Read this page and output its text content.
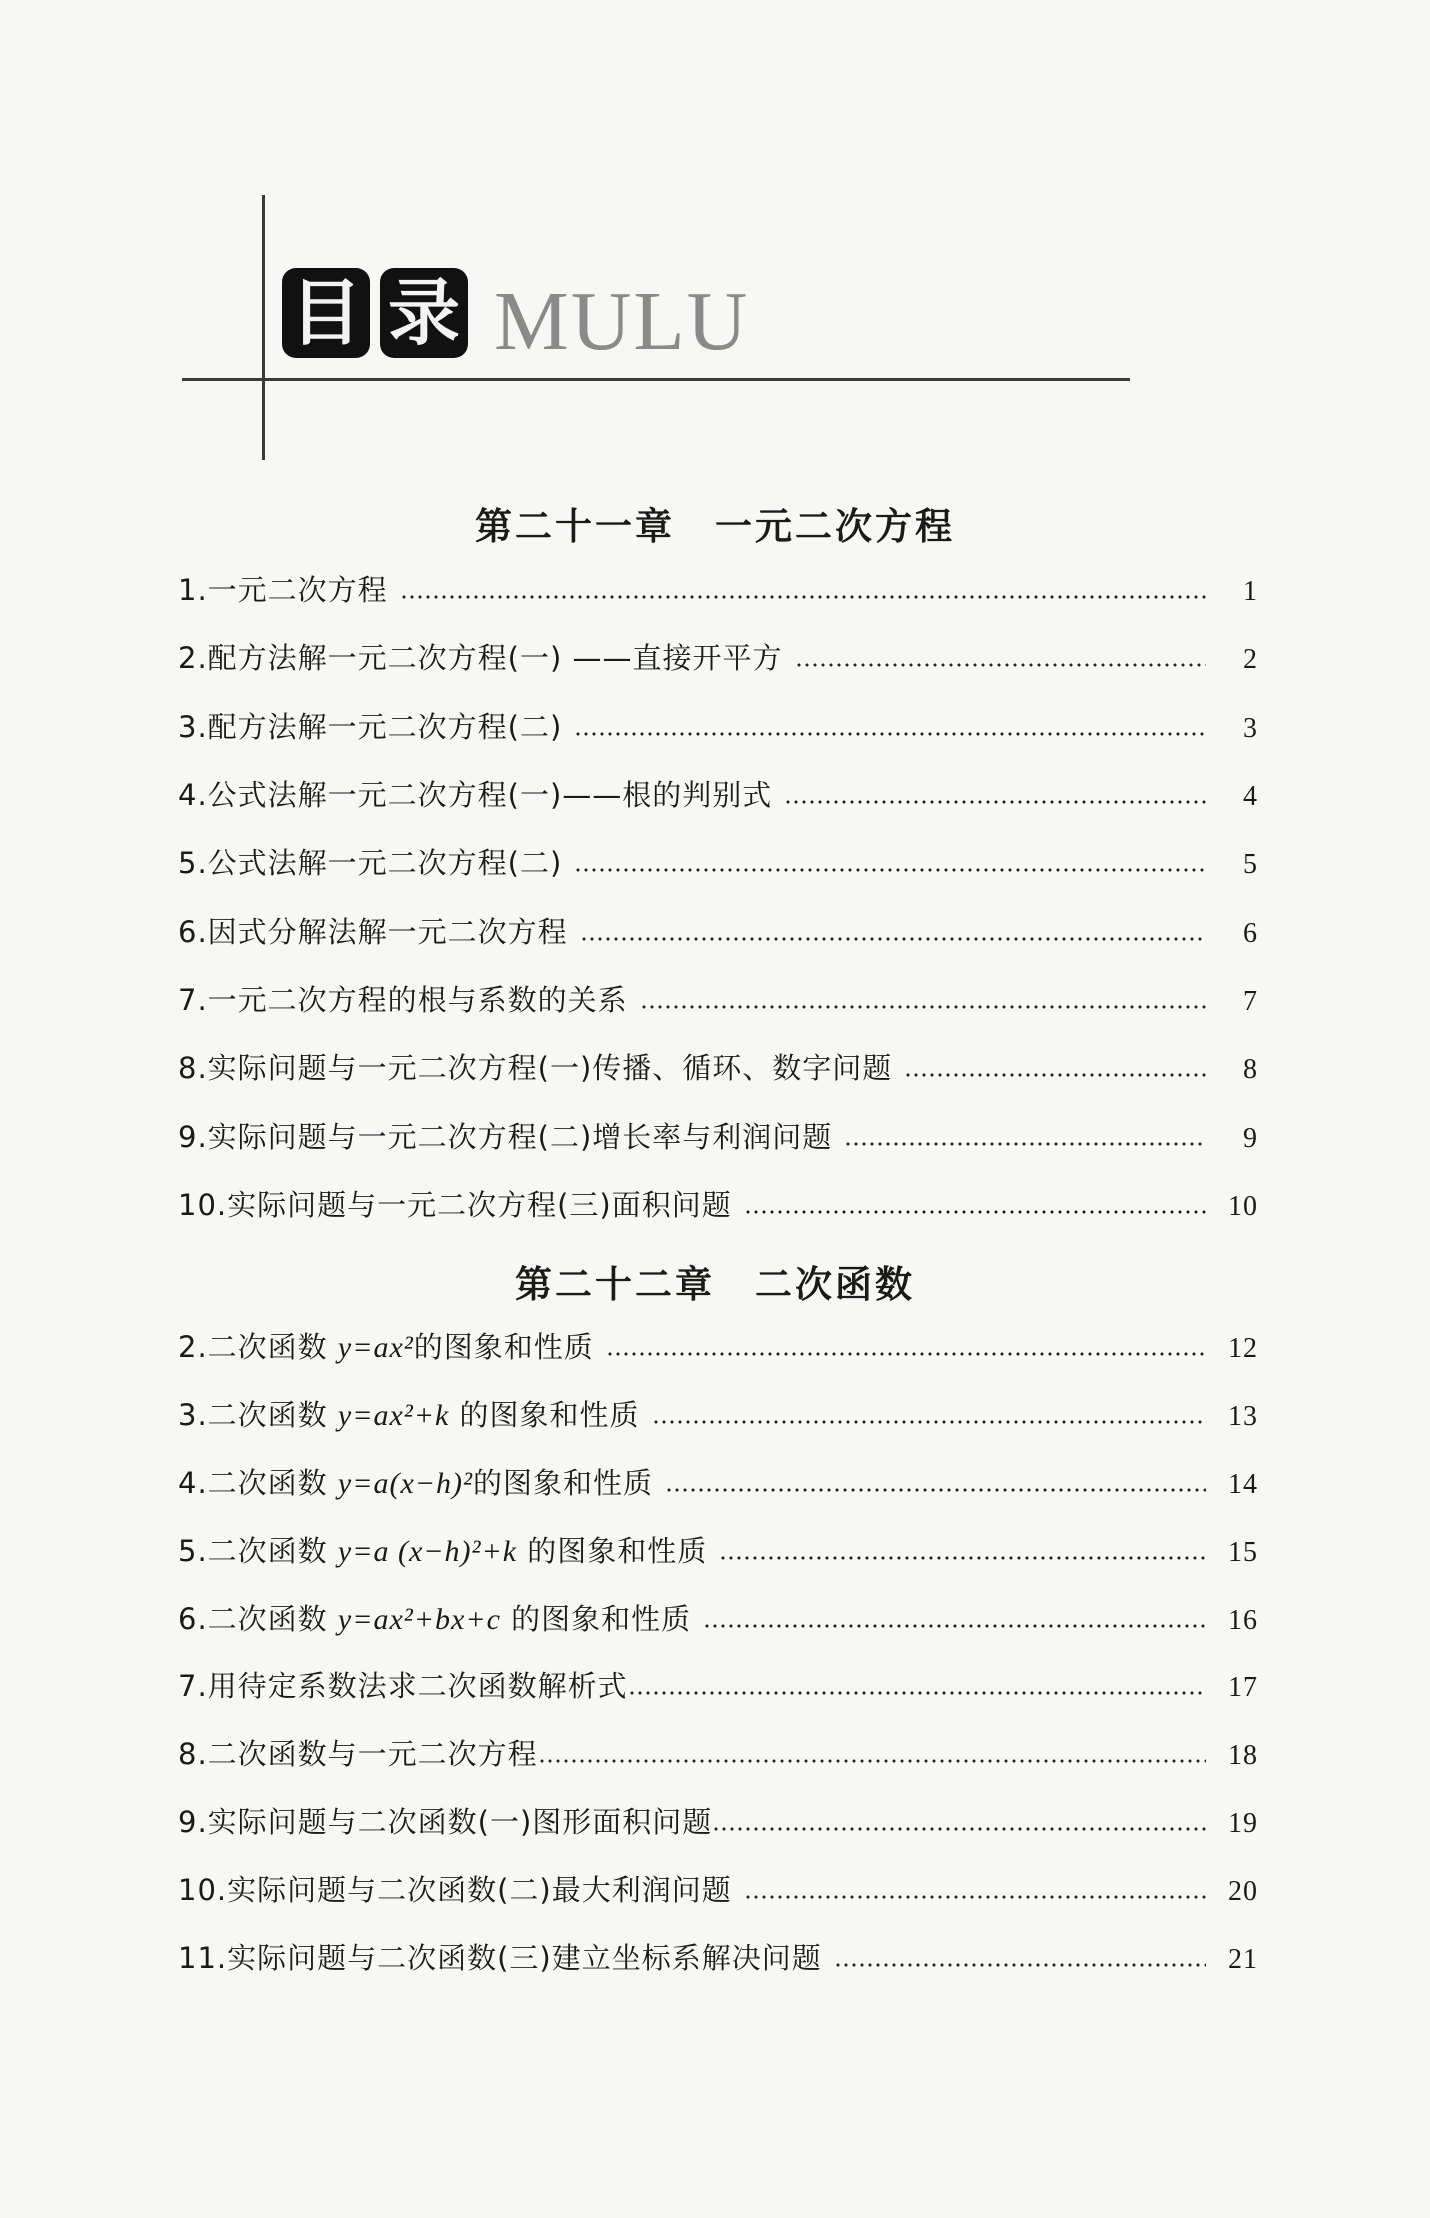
目 录 MULU
第二十一章 一元二次方程
1.一元二次方程	1
2.配方法解一元二次方程(一) ——直接开平方	2
3.配方法解一元二次方程(二)	3
4.公式法解一元二次方程(一)——根的判别式	4
5.公式法解一元二次方程(二)	5
6.因式分解法解一元二次方程	6
7.一元二次方程的根与系数的关系	7
8.实际问题与一元二次方程(一)传播、循环、数字问题	8
9.实际问题与一元二次方程(二)增长率与利润问题	9
10.实际问题与一元二次方程(三)面积问题	10
第二十二章 二次函数
2.二次函数 y=ax²的图象和性质	12
3.二次函数 y=ax²+k 的图象和性质	13
4.二次函数 y=a(x−h)²的图象和性质	14
5.二次函数 y=a (x−h)²+k 的图象和性质	15
6.二次函数 y=ax²+bx+c 的图象和性质	16
7.用待定系数法求二次函数解析式	17
8.二次函数与一元二次方程	18
9.实际问题与二次函数(一)图形面积问题	19
10.实际问题与二次函数(二)最大利润问题	20
11.实际问题与二次函数(三)建立坐标系解决问题	21
